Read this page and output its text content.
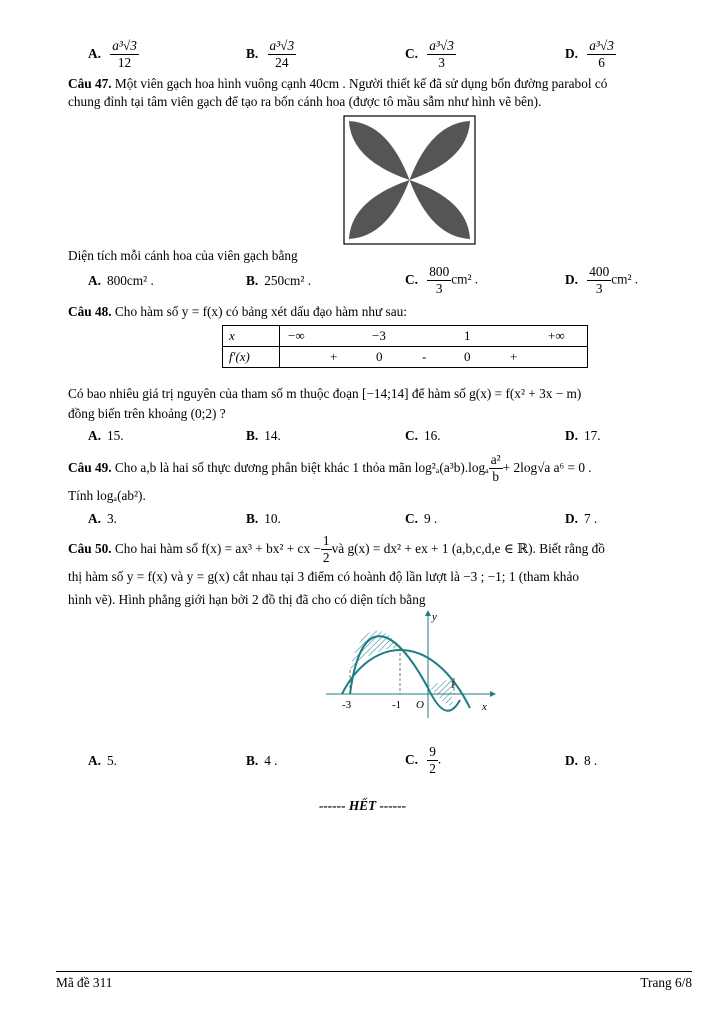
A. $\frac{\text{a³√3}}{12}$	B. $\frac{\text{a³√3}}{24}$	C. $\frac{\text{a³√3}}{3}$	D. $\frac{\text{a³√3}}{6}$
Câu 47. Một viên gạch hoa hình vuông cạnh 40cm . Người thiết kế đã sử dụng bốn đường parabol có
chung đỉnh tại tâm viên gạch để tạo ra bốn cánh hoa (được tô mầu sẫm như hình vẽ bên).
Diện tích mỗi cánh hoa của viên gạch bằng
A. 800cm² .	B. 250cm² .	C. $\frac{800}{3} cm^2$ .	D. $\frac{400}{3} cm^2$ .
Câu 48. Cho hàm số y = f(x) có bảng xét dấu đạo hàm như sau:
x	−∞ −3 1 +∞

f′(x)	+ 0 - 0 +
Có bao nhiêu giá trị nguyên của tham số m thuộc đoạn [−14;14] để hàm số g(x) = f(x² + 3x − m)
đồng biến trên khoảng (0;2) ?
A. 15.	B. 14.	C. 16.	D. 17.
Câu 49. Cho a,b là hai số thực dương phân biệt khác 1 thỏa mãn $\log^2_a(a^3b).\log_a \frac{\text{a²}}{b} + 2\log√a$ a⁶ = 0 .
Tính logₐ(ab²).
A. 3.	B. 10.	C. 9 .	D. 7 .
Câu 50. Cho hai hàm số f(x) = ax³ + bx² + cx − $\frac{1}{2}$ và g(x) = dx² + ex + 1 (a,b,c,d,e ∈ ℝ). Biết rằng đồ
thị hàm số y = f(x) và y = g(x) cắt nhau tại 3 điểm có hoành độ lần lượt là −3 ; −1; 1 (tham khảo
hình vẽ). Hình phẳng giới hạn bởi 2 đồ thị đã cho có diện tích bằng
y
x
O
-3	-1
1
A. 5.	B. 4 .	C. $\frac{9}{2}$ .	D. 8 .
------ HẾT ------
Mã đề 311	Trang 6/8
